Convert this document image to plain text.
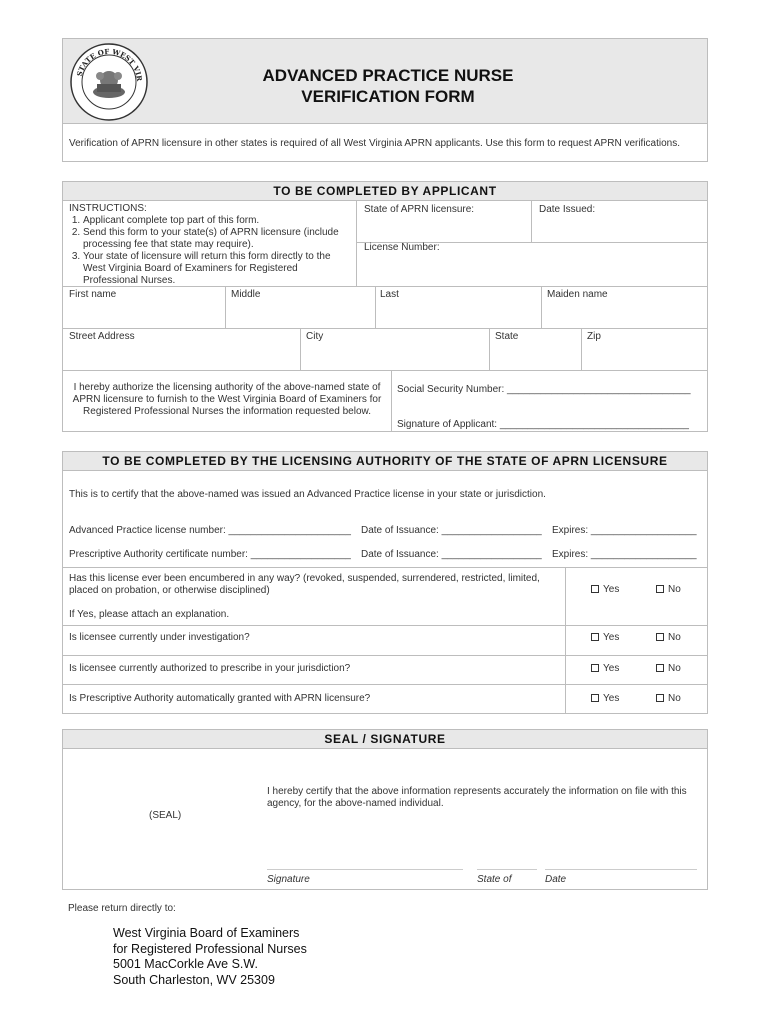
STATE OF WEST VIR	ADVANCED PRACTICE NURSE
VERIFICATION FORM
Verification of APRN licensure in other states is required of all West Virginia APRN applicants. Use this form to request APRN verifications.
TO BE COMPLETED BY APPLICANT
INSTRUCTIONS:
1. Applicant complete top part of this form.
2. Send this form to your state(s) of APRN licensure (include processing fee that state may require).
3. Your state of licensure will return this form directly to the West Virginia Board of Examiners for Registered Professional Nurses.
State of APRN licensure:	Date Issued:
License Number:
First name	Middle	Last	Maiden name
Street Address	City	State	Zip
I hereby authorize the licensing authority of the above-named state of APRN licensure to furnish to the West Virginia Board of Examiners for Registered Professional Nurses the information requested below.
Social Security Number: _________________________________
Signature of Applicant: __________________________________
TO BE COMPLETED BY THE LICENSING AUTHORITY OF THE STATE OF APRN LICENSURE
This is to certify that the above-named was issued an Advanced Practice license in your state or jurisdiction.
Advanced Practice license number: ______________________ Date of Issuance: __________________ Expires: ___________________
Prescriptive Authority certificate number: __________________ Date of Issuance: __________________ Expires: ___________________
Has this license ever been encumbered in any way? (revoked, suspended, surrendered, restricted, limited, placed on probation, or otherwise disciplined)	Yes	No
If Yes, please attach an explanation.
Is licensee currently under investigation?	Yes	No
Is licensee currently authorized to prescribe in your jurisdiction?	Yes	No
Is Prescriptive Authority automatically granted with APRN licensure?	Yes	No
SEAL / SIGNATURE
(SEAL)
I hereby certify that the above information represents accurately the information on file with this agency, for the above-named individual.
Signature	State of	Date
Please return directly to:
West Virginia Board of Examiners
for Registered Professional Nurses
5001 MacCorkle Ave S.W.
South Charleston, WV 25309
